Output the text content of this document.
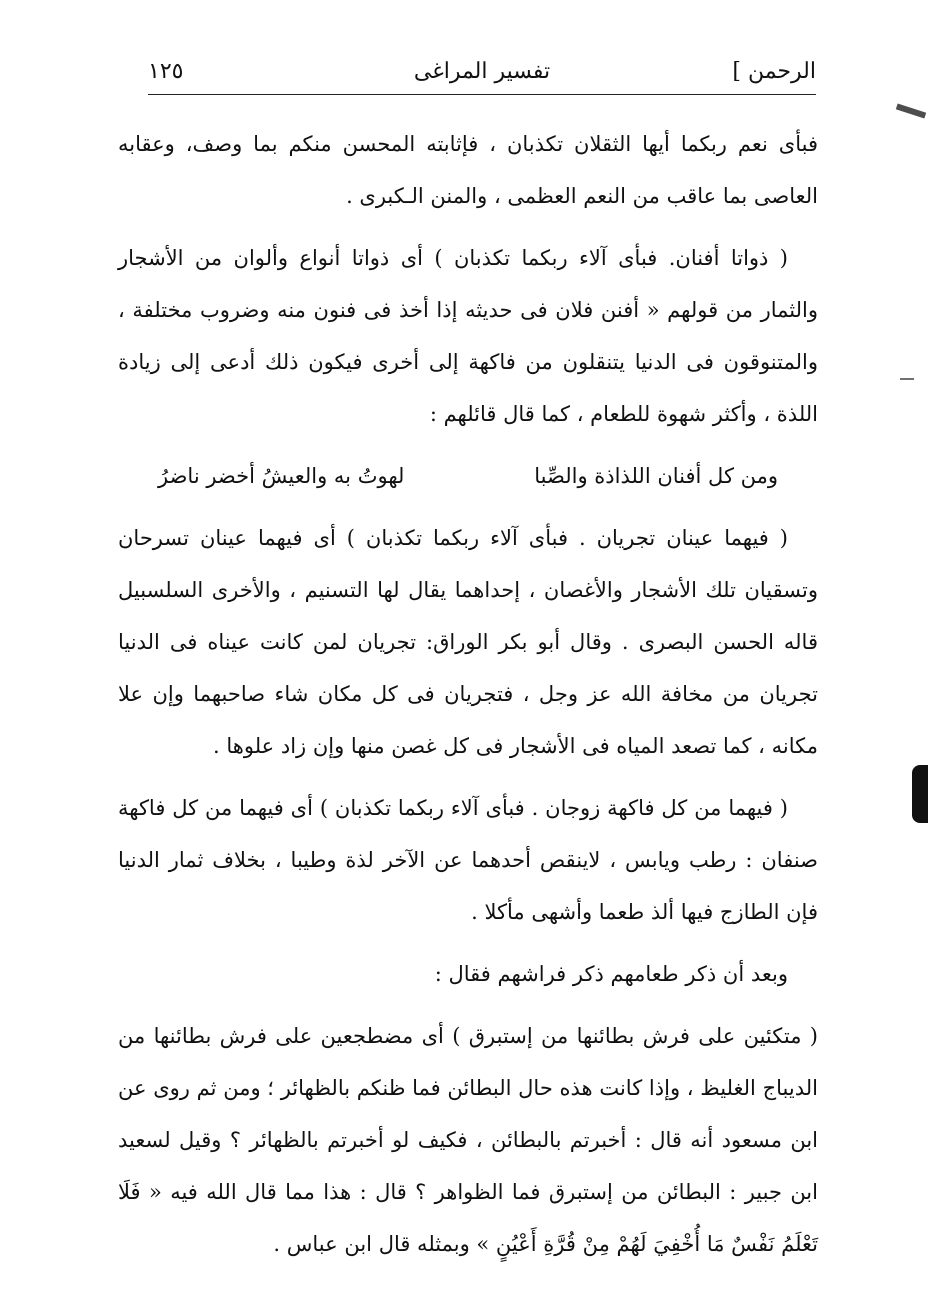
الرحمن ]
تفسير المراغى
١٢٥

فبأى نعم ربكما أيها الثقلان تكذبان ، فإثابته المحسن منكم بما وصف، وعقابه العاصى بما عاقب من النعم العظمى ، والمنن الـكبرى .

( ذواتا أفنان. فبأى آلاء ربكما تكذبان ) أى ذواتا أنواع وألوان من الأشجار والثمار من قولهم « أفنن فلان فى حديثه إذا أخذ فى فنون منه وضروب مختلفة ، والمتنوقون فى الدنيا يتنقلون من فاكهة إلى أخرى فيكون ذلك أدعى إلى زيادة اللذة ، وأكثر شهوة للطعام ، كما قال قائلهم :

ومن كل أفنان اللذاذة والصِّبا
لهوتُ به والعيشُ أخضر ناضرُ

( فيهما عينان تجريان . فبأى آلاء ربكما تكذبان ) أى فيهما عينان تسرحان وتسقيان تلك الأشجار والأغصان ، إحداهما يقال لها التسنيم ، والأخرى السلسبيل قاله الحسن البصرى . وقال أبو بكر الوراق: تجريان لمن كانت عيناه فى الدنيا تجريان من مخافة الله عز وجل ، فتجريان فى كل مكان شاء صاحبهما وإن علا مكانه ، كما تصعد المياه فى الأشجار فى كل غصن منها وإن زاد علوها .

( فيهما من كل فاكهة زوجان . فبأى آلاء ربكما تكذبان ) أى فيهما من كل فاكهة صنفان : رطب ويابس ، لاينقص أحدهما عن الآخر لذة وطيبا ، بخلاف ثمار الدنيا فإن الطازج فيها ألذ طعما وأشهى مأكلا .

وبعد أن ذكر طعامهم ذكر فراشهم فقال :

( متكئين على فرش بطائنها من إستبرق ) أى مضطجعين على فرش بطائنها من الديباج الغليظ ، وإذا كانت هذه حال البطائن فما ظنكم بالظهائر ؛ ومن ثم روى عن ابن مسعود أنه قال : أخبرتم بالبطائن ، فكيف لو أخبرتم بالظهائر ؟ وقيل لسعيد ابن جبير : البطائن من إستبرق فما الظواهر ؟ قال : هذا مما قال الله فيه « فَلَا تَعْلَمُ نَفْسٌ مَا أُخْفِيَ لَهُمْ مِنْ قُرَّةِ أَعْيُنٍ » وبمثله قال ابن عباس .
